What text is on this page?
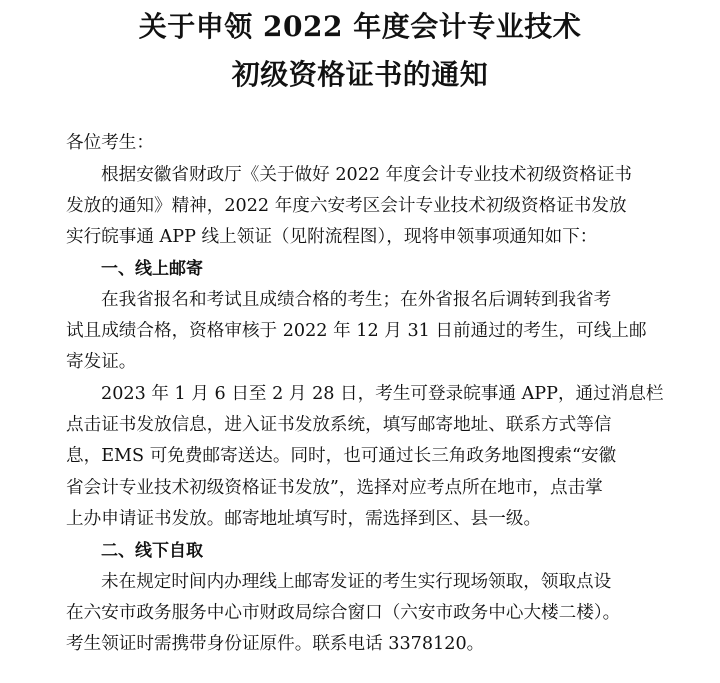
关于申领 2022 年度会计专业技术
初级资格证书的通知
各位考生：
根据安徽省财政厅《关于做好 2022 年度会计专业技术初级资格证书
发放的通知》精神，2022 年度六安考区会计专业技术初级资格证书发放
实行皖事通 APP 线上领证（见附流程图），现将申领事项通知如下：
一、线上邮寄
在我省报名和考试且成绩合格的考生；在外省报名后调转到我省考
试且成绩合格，资格审核于 2022 年 12 月 31 日前通过的考生，可线上邮
寄发证。
2023 年 1 月 6 日至 2 月 28 日，考生可登录皖事通 APP，通过消息栏
点击证书发放信息，进入证书发放系统，填写邮寄地址、联系方式等信
息，EMS 可免费邮寄送达。同时，也可通过长三角政务地图搜索“安徽
省会计专业技术初级资格证书发放”，选择对应考点所在地市，点击掌
上办申请证书发放。邮寄地址填写时，需选择到区、县一级。
二、线下自取
未在规定时间内办理线上邮寄发证的考生实行现场领取，领取点设
在六安市政务服务中心市财政局综合窗口（六安市政务中心大楼二楼）。
考生领证时需携带身份证原件。联系电话 3378120。
